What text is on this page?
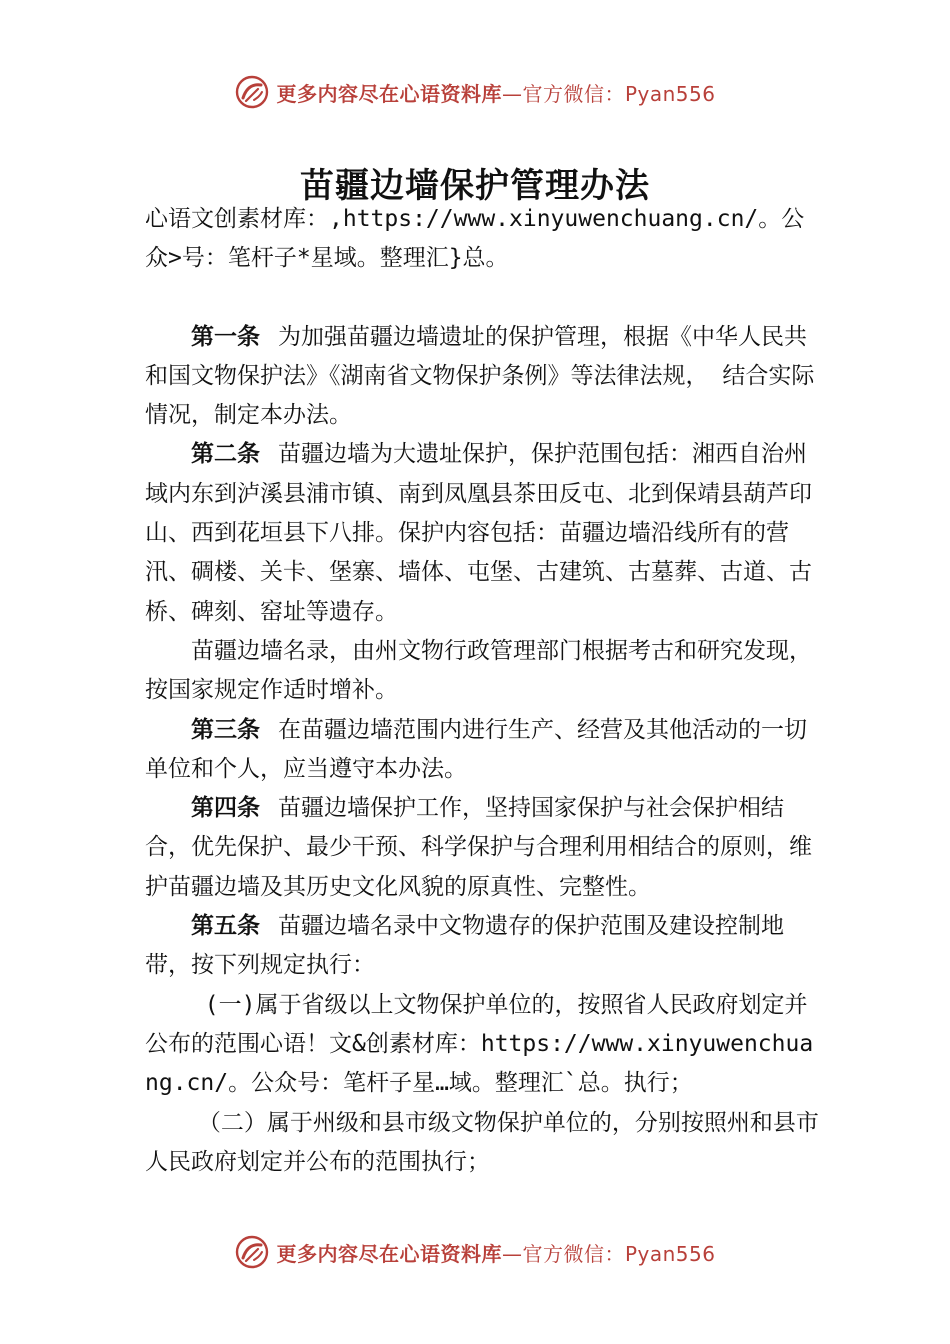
更多内容尽在心语资料库—官方微信：Pyan556
苗疆边墙保护管理办法

心语文创素材库：,https://www.xinyuwenchuang.cn/。公众>号：笔杆子*星域。整理汇}总。

第一条 为加强苗疆边墙遗址的保护管理，根据《中华人民共和国文物保护法》《湖南省文物保护条例》等法律法规， 结合实际情况，制定本办法。

第二条 苗疆边墙为大遗址保护，保护范围包括：湘西自治州域内东到泸溪县浦市镇、南到凤凰县茶田反屯、北到保靖县葫芦印山、西到花垣县下八排。保护内容包括：苗疆边墙沿线所有的营汛、碉楼、关卡、堡寨、墙体、屯堡、古建筑、古墓葬、古道、古桥、碑刻、窑址等遗存。

苗疆边墙名录，由州文物行政管理部门根据考古和研究发现，按国家规定作适时增补。

第三条 在苗疆边墙范围内进行生产、经营及其他活动的一切单位和个人，应当遵守本办法。

第四条 苗疆边墙保护工作，坚持国家保护与社会保护相结合，优先保护、最少干预、科学保护与合理利用相结合的原则，维护苗疆边墙及其历史文化风貌的原真性、完整性。

第五条 苗疆边墙名录中文物遗存的保护范围及建设控制地带，按下列规定执行：

(一)属于省级以上文物保护单位的，按照省人民政府划定并公布的范围心语！文&创素材库：https://www.xinyuwenchuang.cn/。公众号：笔杆子星…域。整理汇`总。执行；

（二）属于州级和县市级文物保护单位的，分别按照州和县市人民政府划定并公布的范围执行；

更多内容尽在心语资料库—官方微信：Pyan556
